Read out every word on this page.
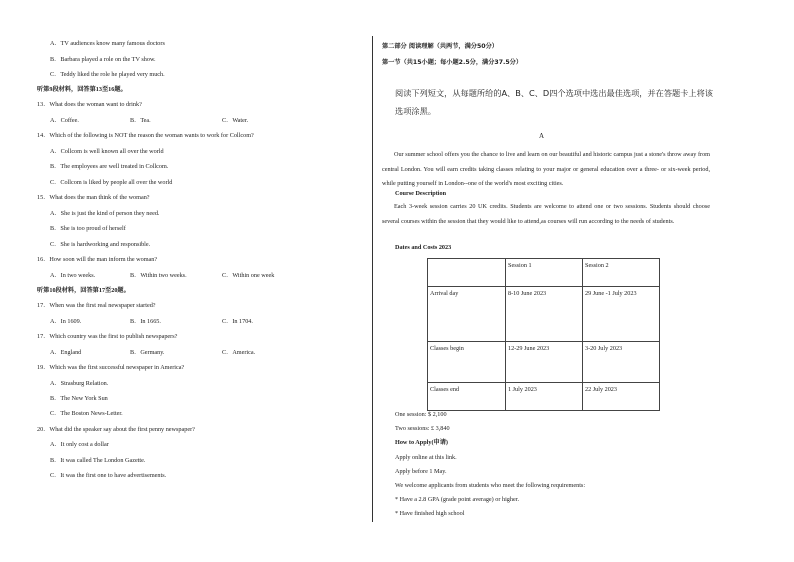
A．TV audiences know many famous doctors
B．Barbara played a role on the TV show.
C．Teddy liked the role he played very much.
听第9段材料，回答第13至16题。
13．What does the woman want to drink?
A．Coffee.	B．Tea.	C．Water.
14．Which of the following is NOT the reason the woman wants to work for Collcom?
A．Collcom is well known all over the world
B．The employees are well treated in Collcom.
C．Collcom is liked by people all over the world
15．What does the man think of the woman?
A．She is just the kind of person they need.
B．She is too proud of herself
C．She is hardworking and responsible.
16．How soon will the man inform the woman?
A．In two weeks.	B．Within two weeks.	C．Within one week
听第10段材料，回答第17至20题。
17．When was the first real newspaper started?
A．In 1609.	B．In 1665.	C．In 1704.
17．Which country was the first to publish newspapers?
A．England	B．Germany.	C．America.
19．Which was the first successful newspaper in America?
A．Strasburg Relation.
B．The New York Sun
C．The Boston News-Letter.
20．What did the speaker say about the first penny newspaper?
A．It only cost a dollar
B．It was called The London Gazette.
C．It was the first one to have advertisements.
第二部分 阅读理解（共两节，满分50分）
第一节（共15小题；每小题2.5分，满分37.5分）
阅读下列短文，从每题所给的A、B、C、D四个选项中选出最佳选项，并在答题卡上将该选项涂黑。
A
Our summer school offers you the chance to live and learn on our beautiful and historic campus just a stone's throw away from central London. You will earn credits taking classes relating to your major or general education over a three- or six-week period, while putting yourself in London--one of the world's most exciting cities.
Course Description
Each 3-week session carries 20 UK credits. Students are welcome to attend one or two sessions. Students should choose several courses within the session that they would like to attend,as courses will run according to the needs of students.
Dates and Costs 2023
	Session 1	Session 2
Arrival day	8-10 June 2023	29 June -1 July 2023
Classes begin	12-29 June 2023	3-20 July 2023
Classes end	1 July 2023	22 July 2023
One session: $ 2,100
Two sessions: £ 3,840
How to Apply(申请)
Apply online at this link.
Apply before 1 May.
We welcome applicants from students who meet the following requirements:
* Have a 2.8 GPA (grade point average) or higher.
* Have finished high school
